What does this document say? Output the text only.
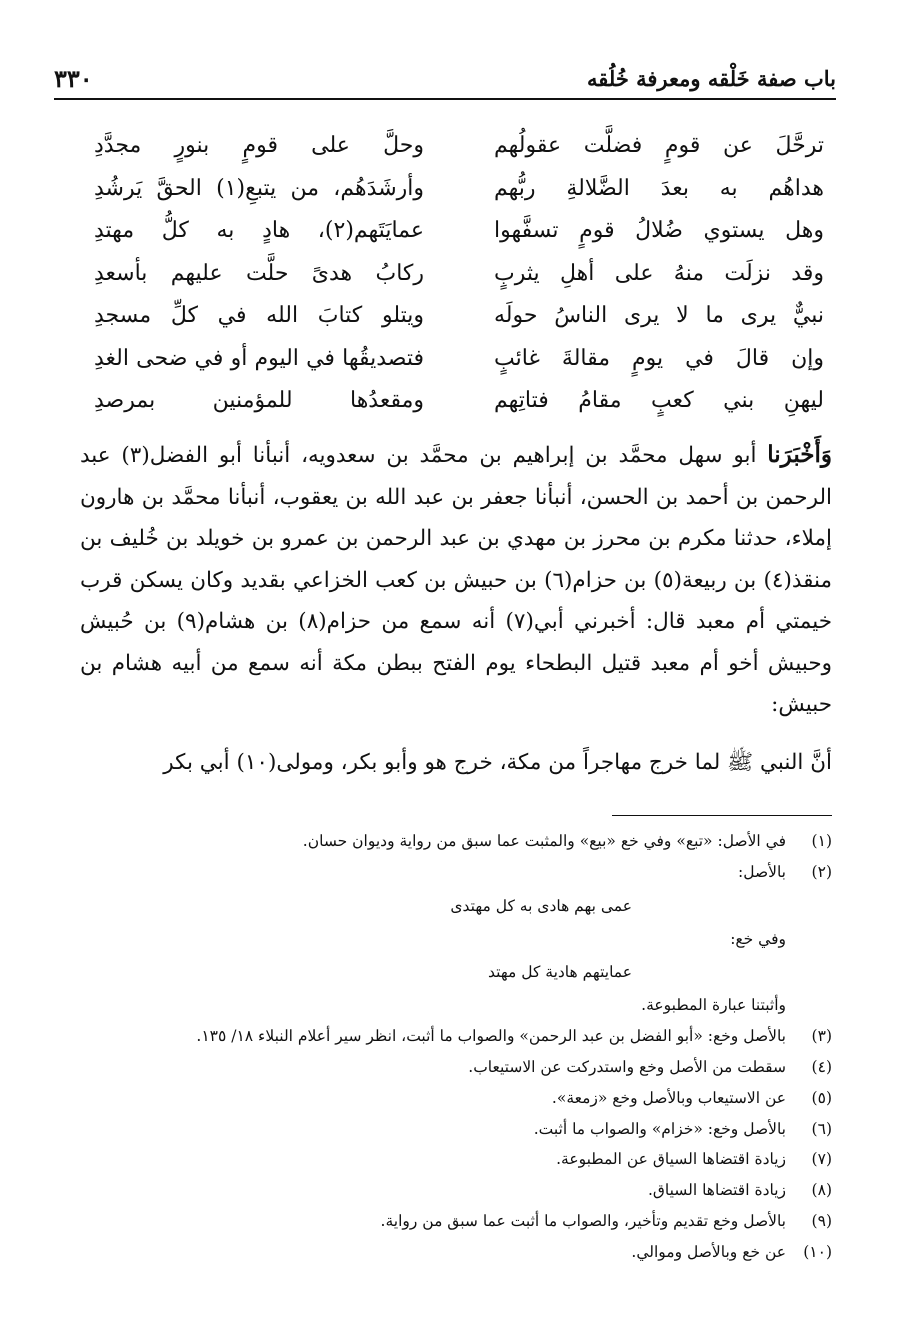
باب صفة خَلْقه ومعرفة خُلُقه
٣٣٠
ترحَّلَ عن قومٍ فضلَّت عقولُهم
هداهُم به بعدَ الضَّلالةِ ربُّهم
وهل يستوي ضُلالُ قومٍ تسفَّهوا
وقد نزلَت منهُ على أهلِ يثربٍ
نبيٌّ يرى ما لا يرى الناسُ حولَه
وإن قالَ في يومٍ مقالةَ غائبٍ
ليهنِ بني كعبٍ مقامُ فتاتِهم
وحلَّ على قومٍ بنورٍ مجدَّدِ
وأرشَدَهُم، من يتبعِ(١) الحقَّ يَرشُدِ
عمايَتَهم(٢)، هادٍ به كلُّ مهتدِ
ركابُ هدىً حلَّت عليهم بأسعدِ
ويتلو كتابَ الله في كلِّ مسجدِ
فتصديقُها في اليوم أو في ضحى الغدِ
ومقعدُها للمؤمنين بمرصدِ

وَأَخْبَرَنا أبو سهل محمَّد بن إبراهيم بن محمَّد بن سعدويه، أنبأنا أبو الفضل(٣) عبد الرحمن بن أحمد بن الحسن، أنبأنا جعفر بن عبد الله بن يعقوب، أنبأنا محمَّد بن هارون إملاء، حدثنا مكرم بن محرز بن مهدي بن عبد الرحمن بن عمرو بن خويلد بن خُليف بن منقذ(٤) بن ربيعة(٥) بن حزام(٦) بن حبيش بن كعب الخزاعي بقديد وكان يسكن قرب خيمتي أم معبد قال: أخبرني أبي(٧) أنه سمع من حزام(٨) بن هشام(٩) بن حُبيش وحبيش أخو أم معبد قتيل البطحاء يوم الفتح ببطن مكة أنه سمع من أبيه هشام بن حبيش:

أنَّ النبي ﷺ لما خرج مهاجراً من مكة، خرج هو وأبو بكر، ومولى(١٠) أبي بكر

(١)
في الأصل: «تبع» وفي خع «بيع» والمثبت عما سبق من رواية وديوان حسان.
(٢)
بالأصل:
عمى بهم هادى به كل مهتدى
وفي خع:
عمايتهم هادية كل مهتد
وأثبتنا عبارة المطبوعة.
(٣)
بالأصل وخع: «أبو الفضل بن عبد الرحمن» والصواب ما أثبت، انظر سير أعلام النبلاء ١٨/ ١٣٥.
(٤)
سقطت من الأصل وخع واستدركت عن الاستيعاب.
(٥)
عن الاستيعاب وبالأصل وخع «زمعة».
(٦)
بالأصل وخع: «خزام» والصواب ما أثبت.
(٧)
زيادة اقتضاها السياق عن المطبوعة.
(٨)
زيادة اقتضاها السياق.
(٩)
بالأصل وخع تقديم وتأخير، والصواب ما أثبت عما سبق من رواية.
(١٠)
عن خع وبالأصل وموالي.
